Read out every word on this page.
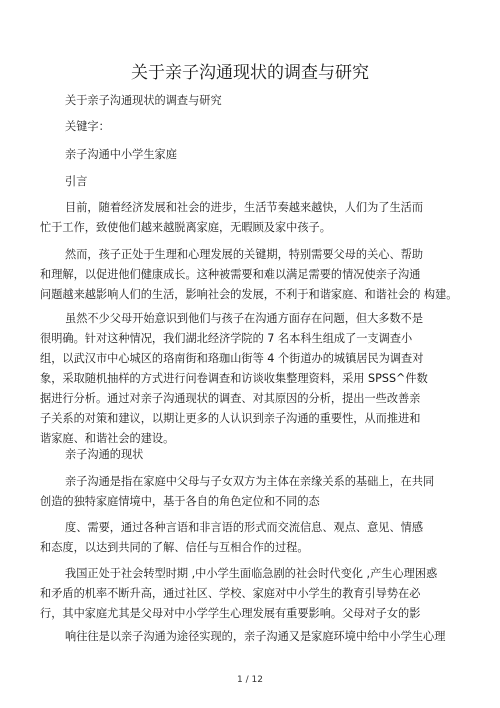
关于亲子沟通现状的调查与研究
关于亲子沟通现状的调查与研究
关键字：
亲子沟通中小学生家庭
引言
目前，随着经济发展和社会的进步，生活节奏越来越快，人们为了生活而
忙于工作，致使他们越来越脱离家庭，无暇顾及家中孩子。
然而，孩子正处于生理和心理发展的关键期，特别需要父母的关心、帮助
和理解，以促进他们健康成长。这种被需要和难以满足需要的情况使亲子沟通
问题越来越影响人们的生活，影响社会的发展，不利于和谐家庭、和谐社会的 构建。
虽然不少父母开始意识到他们与孩子在沟通方面存在问题，但大多数不是
很明确。针对这种情况，我们湖北经济学院的 7 名本科生组成了一支调查小
组，以武汉市中心城区的珞南街和珞珈山街等 4 个街道办的城镇居民为调查对
象，采取随机抽样的方式进行问卷调查和访谈收集整理资料，采用 SPSS^件数
据进行分析。通过对亲子沟通现状的调查、对其原因的分析，提出一些改善亲
子关系的对策和建议，以期让更多的人认识到亲子沟通的重要性，从而推进和
谐家庭、和谐社会的建设。
亲子沟通的现状
亲子沟通是指在家庭中父母与子女双方为主体在亲缘关系的基础上，在共同
创造的独特家庭情境中，基于各自的角色定位和不同的态
度、需要，通过各种言语和非言语的形式而交流信息、观点、意见、情感
和态度，以达到共同的了解、信任与互相合作的过程。
我国正处于社会转型时期 ,中小学生面临急剧的社会时代变化 ,产生心理困惑
和矛盾的机率不断升高，通过社区、学校、家庭对中小学生的教育引导势在必
行，其中家庭尤其是父母对中小学学生心理发展有重要影响。父母对子女的影
响往往是以亲子沟通为途径实现的，亲子沟通又是家庭环境中给中小学生心理
1 / 12
